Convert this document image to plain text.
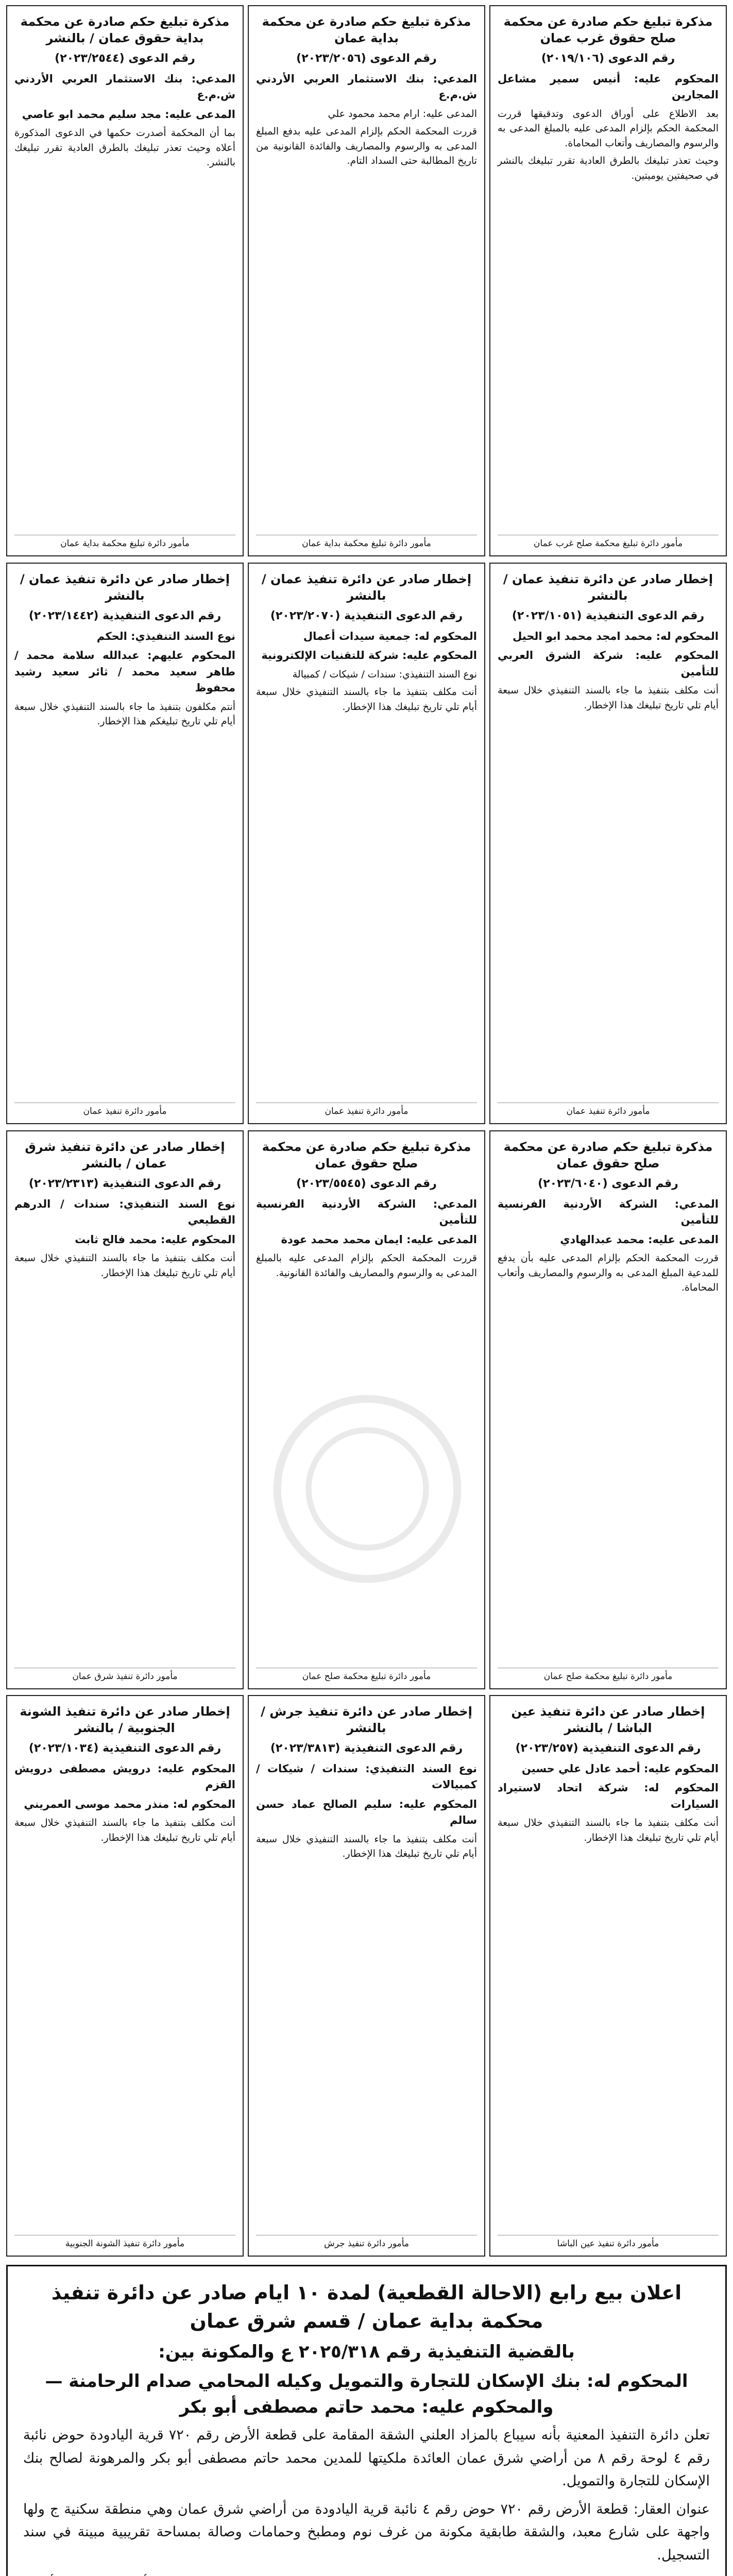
مذكرة تبليغ حكم صادرة عن محكمة صلح حقوق غرب عمان
رقم الدعوى (٢٠١٩/١٠٦)

المحكوم عليه: أنيس سمير مشاعل المجارين

بعد الاطلاع على أوراق الدعوى وتدقيقها قررت المحكمة الحكم بإلزام المدعى عليه بالمبلغ المدعى به والرسوم والمصاريف وأتعاب المحاماة.

وحيث تعذر تبليغك بالطرق العادية تقرر تبليغك بالنشر في صحيفتين يوميتين.

مأمور دائرة تبليغ محكمة صلح غرب عمان
مذكرة تبليغ حكم صادرة عن محكمة بداية عمان
رقم الدعوى (٢٠٢٣/٢٠٥٦)

المدعي: بنك الاستثمار العربي الأردني ش.م.ع

المدعى عليه: ارام محمد محمود علي

قررت المحكمة الحكم بإلزام المدعى عليه بدفع المبلغ المدعى به والرسوم والمصاريف والفائدة القانونية من تاريخ المطالبة حتى السداد التام.

مأمور دائرة تبليغ محكمة بداية عمان
مذكرة تبليغ حكم صادرة عن محكمة بداية حقوق عمان / بالنشر
رقم الدعوى (٢٠٢٣/٢٥٤٤)

المدعي: بنك الاستثمار العربي الأردني ش.م.ع

المدعى عليه: مجد سليم محمد ابو عاصي

بما أن المحكمة أصدرت حكمها في الدعوى المذكورة أعلاه وحيث تعذر تبليغك بالطرق العادية تقرر تبليغك بالنشر.

مأمور دائرة تبليغ محكمة بداية عمان
إخطار صادر عن دائرة تنفيذ عمان / بالنشر
رقم الدعوى التنفيذية (٢٠٢٣/١٠٥١)

المحكوم له: محمد امجد محمد ابو الحيل

المحكوم عليه: شركة الشرق العربي للتأمين

أنت مكلف بتنفيذ ما جاء بالسند التنفيذي خلال سبعة أيام تلي تاريخ تبليغك هذا الإخطار.

مأمور دائرة تنفيذ عمان
إخطار صادر عن دائرة تنفيذ عمان / بالنشر
رقم الدعوى التنفيذية (٢٠٢٣/٢٠٧٠)

المحكوم له: جمعية سيدات أعمال

المحكوم عليه: شركة للتقنيات الإلكترونية

نوع السند التنفيذي: سندات / شيكات / كمبيالة

أنت مكلف بتنفيذ ما جاء بالسند التنفيذي خلال سبعة أيام تلي تاريخ تبليغك هذا الإخطار.

مأمور دائرة تنفيذ عمان
إخطار صادر عن دائرة تنفيذ عمان / بالنشر
رقم الدعوى التنفيذية (٢٠٢٣/١٤٤٢)

نوع السند التنفيذي: الحكم

المحكوم عليهم: عبدالله سلامة محمد / طاهر سعيد محمد / ثائر سعيد رشيد محفوظ

أنتم مكلفون بتنفيذ ما جاء بالسند التنفيذي خلال سبعة أيام تلي تاريخ تبليغكم هذا الإخطار.

مأمور دائرة تنفيذ عمان
مذكرة تبليغ حكم صادرة عن محكمة صلح حقوق عمان
رقم الدعوى (٢٠٢٣/٦٠٤٠)

المدعي: الشركة الأردنية الفرنسية للتأمين

المدعى عليه: محمد عبدالهادي

قررت المحكمة الحكم بإلزام المدعى عليه بأن يدفع للمدعية المبلغ المدعى به والرسوم والمصاريف وأتعاب المحاماة.

مأمور دائرة تبليغ محكمة صلح عمان
مذكرة تبليغ حكم صادرة عن محكمة صلح حقوق عمان
رقم الدعوى (٢٠٢٣/٥٥٤٥)

المدعي: الشركة الأردنية الفرنسية للتأمين

المدعى عليه: ايمان محمد محمد عودة

قررت المحكمة الحكم بإلزام المدعى عليه بالمبلغ المدعى به والرسوم والمصاريف والفائدة القانونية.

مأمور دائرة تبليغ محكمة صلح عمان
إخطار صادر عن دائرة تنفيذ شرق عمان / بالنشر
رقم الدعوى التنفيذية (٢٠٢٣/٢٣١٣)

نوع السند التنفيذي: سندات / الدرهم القطيعي

المحكوم عليه: محمد فالح ثابت

أنت مكلف بتنفيذ ما جاء بالسند التنفيذي خلال سبعة أيام تلي تاريخ تبليغك هذا الإخطار.

مأمور دائرة تنفيذ شرق عمان
إخطار صادر عن دائرة تنفيذ عين الباشا / بالنشر
رقم الدعوى التنفيذية (٢٠٢٣/٢٥٧)

المحكوم عليه: أحمد عادل علي حسين

المحكوم له: شركة اتحاد لاستيراد السيارات

أنت مكلف بتنفيذ ما جاء بالسند التنفيذي خلال سبعة أيام تلي تاريخ تبليغك هذا الإخطار.

مأمور دائرة تنفيذ عين الباشا
إخطار صادر عن دائرة تنفيذ جرش / بالنشر
رقم الدعوى التنفيذية (٢٠٢٣/٣٨١٣)

نوع السند التنفيذي: سندات / شيكات / كمبيالات

المحكوم عليه: سليم الصالح عماد حسن سالم

أنت مكلف بتنفيذ ما جاء بالسند التنفيذي خلال سبعة أيام تلي تاريخ تبليغك هذا الإخطار.

مأمور دائرة تنفيذ جرش
إخطار صادر عن دائرة تنفيذ الشونة الجنوبية / بالنشر
رقم الدعوى التنفيذية (٢٠٢٣/١٠٣٤)

المحكوم عليه: درويش مصطفى درويش القزم

المحكوم له: منذر محمد موسى العمريني

أنت مكلف بتنفيذ ما جاء بالسند التنفيذي خلال سبعة أيام تلي تاريخ تبليغك هذا الإخطار.

مأمور دائرة تنفيذ الشونة الجنوبية
اعلان بيع رابع (الاحالة القطعية) لمدة ١٠ ايام صادر عن دائرة تنفيذ محكمة بداية عمان / قسم شرق عمان
بالقضية التنفيذية رقم ٢٠٢٥/٣١٨ ع والمكونة بين:
المحكوم له: بنك الإسكان للتجارة والتمويل وكيله المحامي صدام الرحامنة — والمحكوم عليه: محمد حاتم مصطفى أبو بكر

تعلن دائرة التنفيذ المعنية بأنه سيباع بالمزاد العلني الشقة المقامة على قطعة الأرض رقم ٧٢٠ قرية اليادودة حوض نائبة رقم ٤ لوحة رقم ٨ من أراضي شرق عمان العائدة ملكيتها للمدين محمد حاتم مصطفى أبو بكر والمرهونة لصالح بنك الإسكان للتجارة والتمويل.

عنوان العقار: قطعة الأرض رقم ٧٢٠ حوض رقم ٤ نائبة قرية اليادودة من أراضي شرق عمان وهي منطقة سكنية ج ولها واجهة على شارع معبد، والشقة طابقية مكونة من غرف نوم ومطبخ وحمامات وصالة بمساحة تقريبية مبينة في سند التسجيل.
